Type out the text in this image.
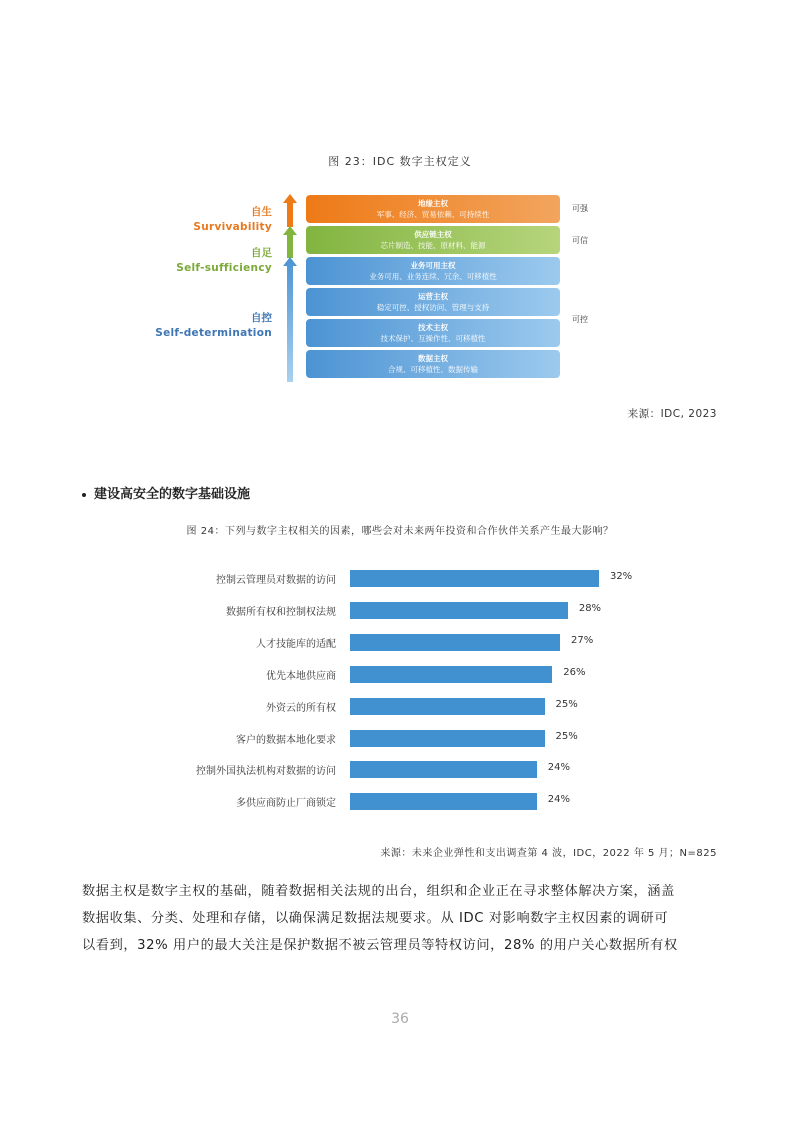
图 23：IDC 数字主权定义
自生
Survivability
自足
Self-sufficiency
自控
Self-determination
地缘主权
军事、经济、贸易依赖、可持续性
供应链主权
芯片制造、技能、原材料、能源
业务可用主权
业务可用、业务连续、冗余、可移植性
运营主权
稳定可控、授权访问、管理与支持
技术主权
技术保护、互操作性、可移植性
数据主权
合规、可移植性、数据传输
可强
可信
可控
来源：IDC, 2023
建设高安全的数字基础设施
图 24：下列与数字主权相关的因素，哪些会对未来两年投资和合作伙伴关系产生最大影响？
控制云管理员对数据的访问	32%
数据所有权和控制权法规	28%
人才技能库的适配	27%
优先本地供应商	26%
外资云的所有权	25%
客户的数据本地化要求	25%
控制外国执法机构对数据的访问	24%
多供应商防止厂商锁定	24%
来源：未来企业弹性和支出调查第 4 波，IDC，2022 年 5 月；N=825

数据主权是数字主权的基础，随着数据相关法规的出台，组织和企业正在寻求整体解决方案，涵盖

数据收集、分类、处理和存储，以确保满足数据法规要求。从 IDC 对影响数字主权因素的调研可

以看到，32% 用户的最大关注是保护数据不被云管理员等特权访问，28% 的用户关心数据所有权

36
